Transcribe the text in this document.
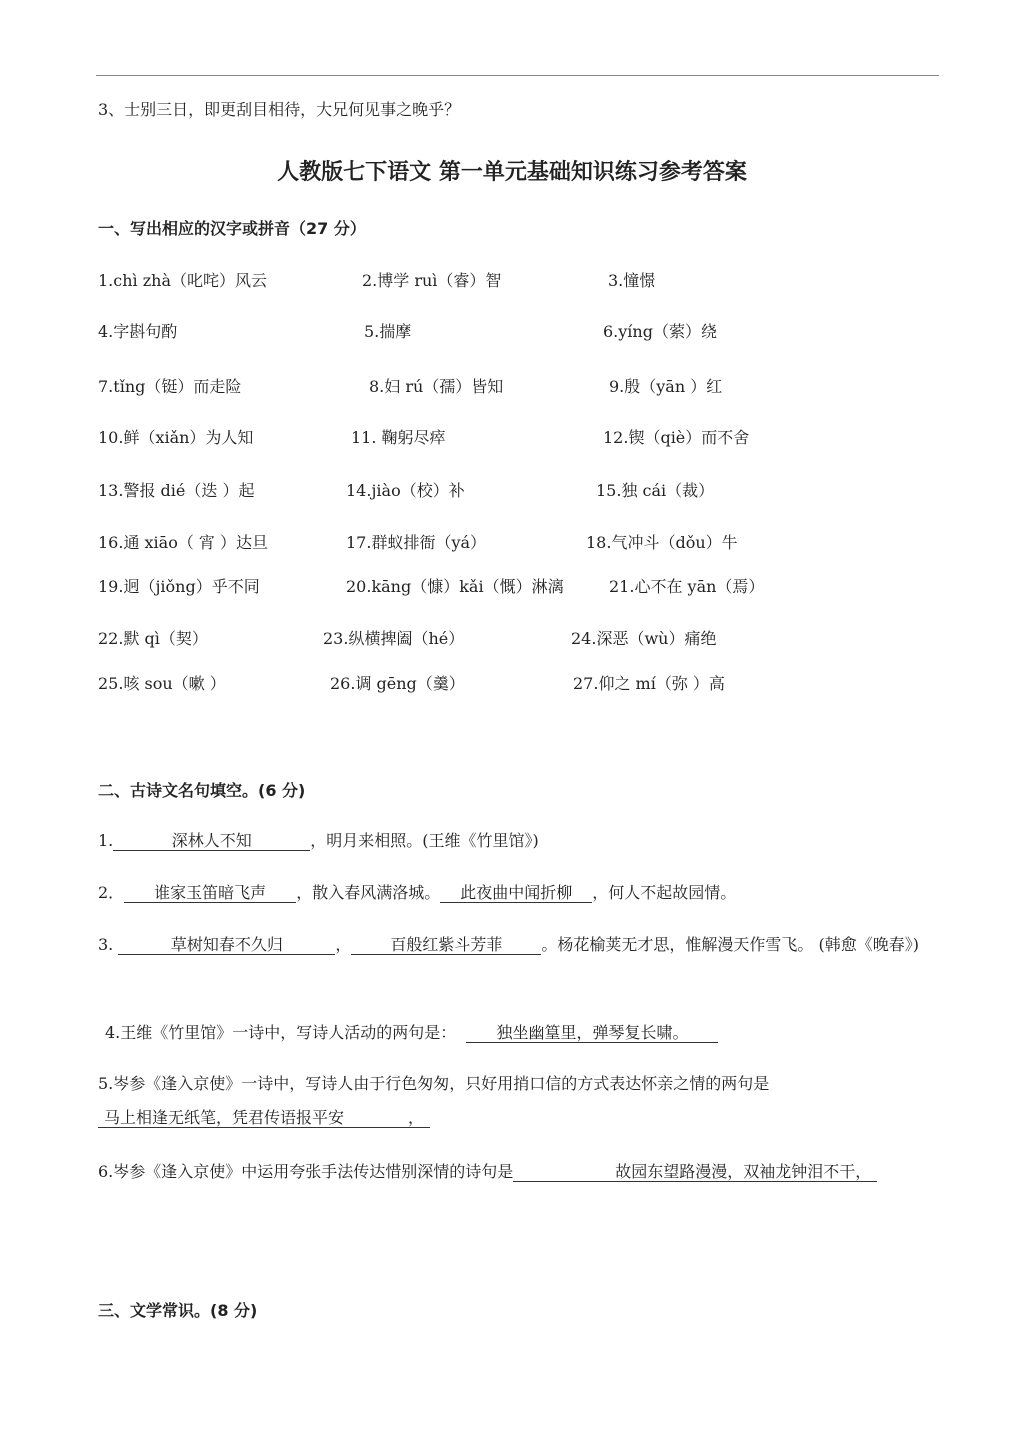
3、士别三日，即更刮目相待，大兄何见事之晚乎？
人教版七下语文 第一单元基础知识练习参考答案
一、写出相应的汉字或拼音（27 分）
1.chì zhà（叱咤）风云	2.博学 ruì（睿）智	3.憧憬
4.字斟句酌	5.揣摩	6.yíng（萦）绕
7.tǐng（铤）而走险	8.妇 rú（孺）皆知	9.殷（yān ）红
10.鲜（xiǎn）为人知	11. 鞠躬尽瘁	12.锲（qiè）而不舍
13.警报 dié（迭 ）起	14.jiào（校）补	15.独 cái（裁）
16.通 xiāo（ 宵 ）达旦	17.群蚁排衙（yá）	18.气冲斗（dǒu）牛
19.迥（jiǒng）乎不同	20.kāng（慷）kǎi（慨）淋漓	21.心不在 yān（焉）
22.默 qì（契）	23.纵横捭阖（hé）	24.深恶（wù）痛绝
25.咳 sou（嗽 ）	26.调 gēng（羹）	27.仰之 mí（弥 ）高
二、古诗文名句填空。(6 分)
1.	深林人不知	，明月来相照。(王维《竹里馆》)
2． 谁家玉笛暗飞声 ，散入春风满洛城。 此夜曲中闻折柳 ，何人不起故园情。
3.	草树知春不久归	， 百般红紫斗芳菲 。杨花榆荚无才思，惟解漫天作雪飞。 (韩愈《晚春》)
4.王维《竹里馆》一诗中，写诗人活动的两句是：	独坐幽篁里，弹琴复长啸。
5.岑参《逢入京使》一诗中，写诗人由于行色匆匆，只好用捎口信的方式表达怀亲之情的两句是 马上相逢无纸笔，凭君传语报平安　　　　，
6.岑参《逢入京使》中运用夸张手法传达惜别深情的诗句是　　　　　　故园东望路漫漫，双袖龙钟泪不干，
三、文学常识。(8 分)
